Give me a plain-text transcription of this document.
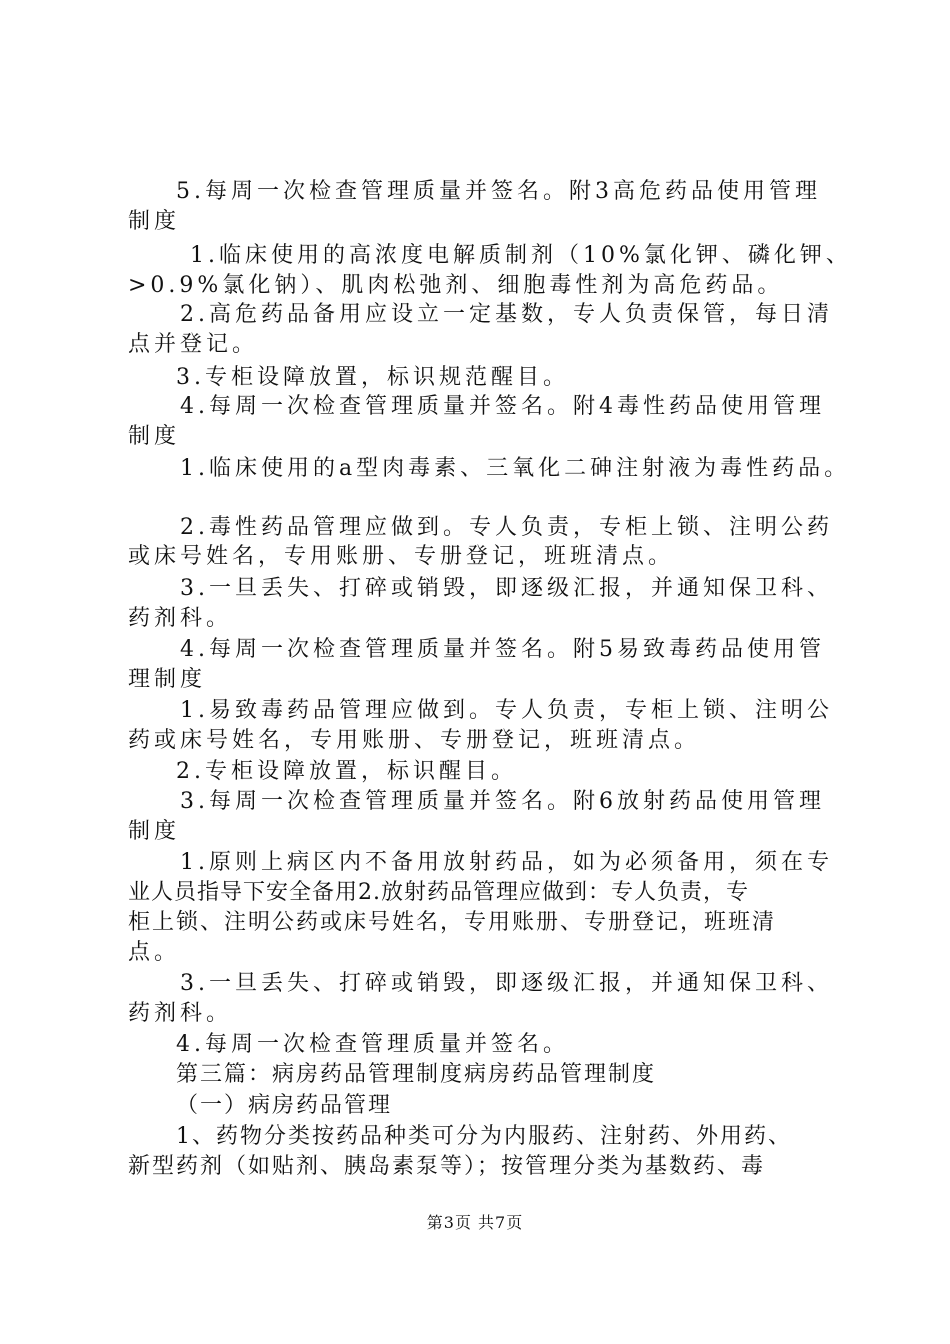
5.每周一次检查管理质量并签名。附3高危药品使用管理
制度
1.临床使用的高浓度电解质制剂（10%氯化钾、磷化钾、
>0.9%氯化钠）、肌肉松弛剂、细胞毒性剂为高危药品。
2.高危药品备用应设立一定基数，专人负责保管，每日清
点并登记。
3.专柜设障放置，标识规范醒目。
4.每周一次检查管理质量并签名。附4毒性药品使用管理
制度
1.临床使用的a型肉毒素、三氧化二砷注射液为毒性药品。
2.毒性药品管理应做到。专人负责，专柜上锁、注明公药
或床号姓名，专用账册、专册登记，班班清点。
3.一旦丢失、打碎或销毁，即逐级汇报，并通知保卫科、
药剂科。
4.每周一次检查管理质量并签名。附5易致毒药品使用管
理制度
1.易致毒药品管理应做到。专人负责，专柜上锁、注明公
药或床号姓名，专用账册、专册登记，班班清点。
2.专柜设障放置，标识醒目。
3.每周一次检查管理质量并签名。附6放射药品使用管理
制度
1.原则上病区内不备用放射药品，如为必须备用，须在专
业人员指导下安全备用2.放射药品管理应做到：专人负责，专
柜上锁、注明公药或床号姓名，专用账册、专册登记，班班清
点。
3.一旦丢失、打碎或销毁，即逐级汇报，并通知保卫科、
药剂科。
4.每周一次检查管理质量并签名。
第三篇：病房药品管理制度病房药品管理制度
（一）病房药品管理
1、药物分类按药品种类可分为内服药、注射药、外用药、
新型药剂（如贴剂、胰岛素泵等）；按管理分类为基数药、毒
第3页 共7页
